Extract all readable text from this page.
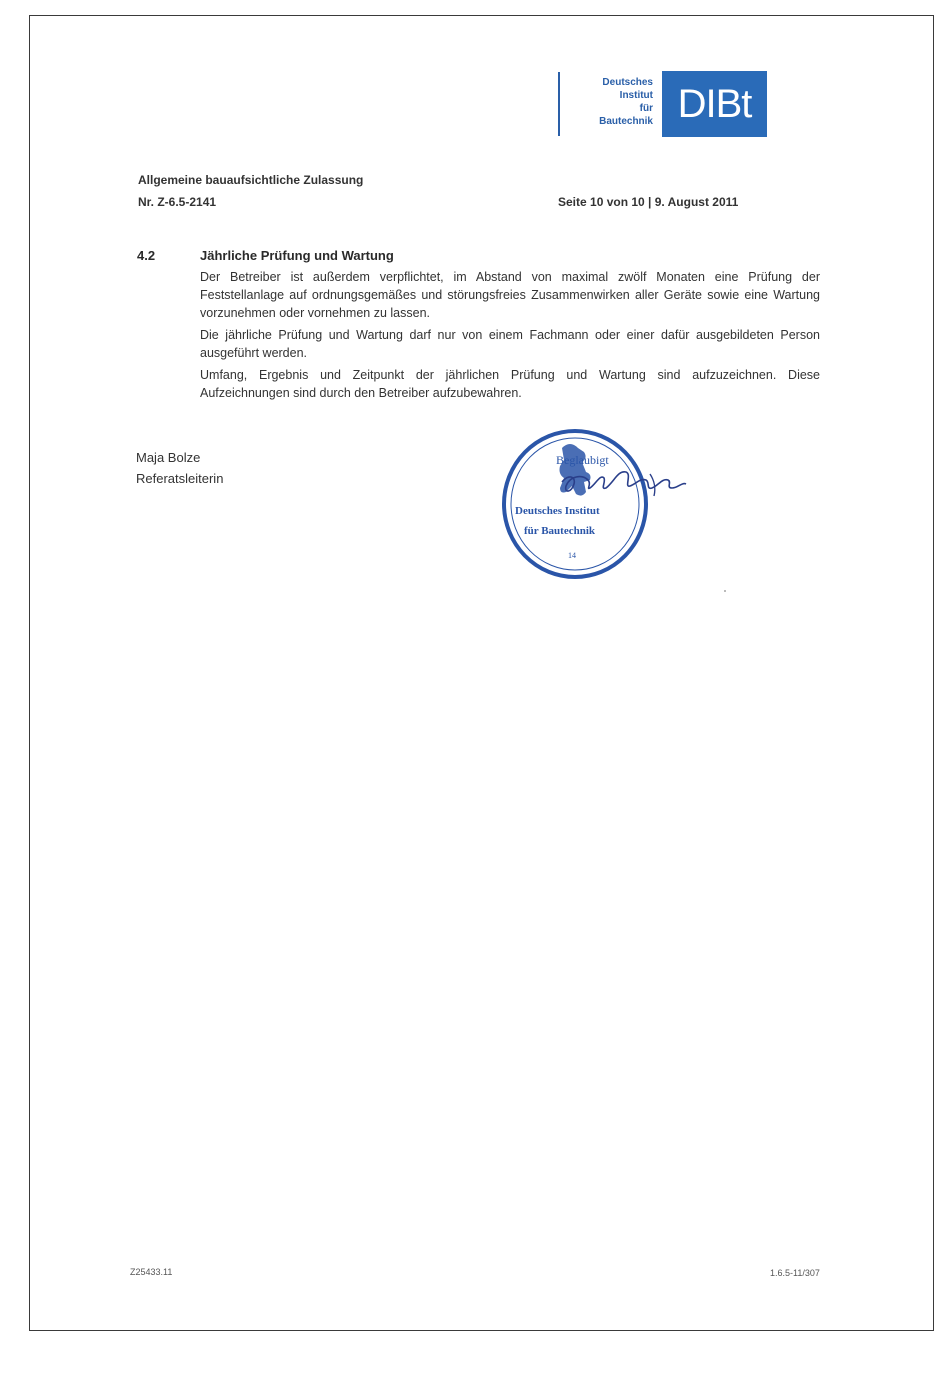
Deutsches
Institut
für
Bautechnik DIBt
Allgemeine bauaufsichtliche Zulassung
Nr. Z-6.5-2141	Seite 10 von 10 | 9. August 2011
4.2	Jährliche Prüfung und Wartung
Der Betreiber ist außerdem verpflichtet, im Abstand von maximal zwölf Monaten eine Prüfung der Feststellanlage auf ordnungsgemäßes und störungsfreies Zusammenwirken aller Geräte sowie eine Wartung vorzunehmen oder vornehmen zu lassen.
Die jährliche Prüfung und Wartung darf nur von einem Fachmann oder einer dafür ausgebildeten Person ausgeführt werden.
Umfang, Ergebnis und Zeitpunkt der jährlichen Prüfung und Wartung sind aufzuzeichnen. Diese Aufzeichnungen sind durch den Betreiber aufzubewahren.
Maja Bolze
Referatsleiterin
Beglaubigt
Deutsches Institut
für Bautechnik
14
Z25433.11	1.6.5-11/307
